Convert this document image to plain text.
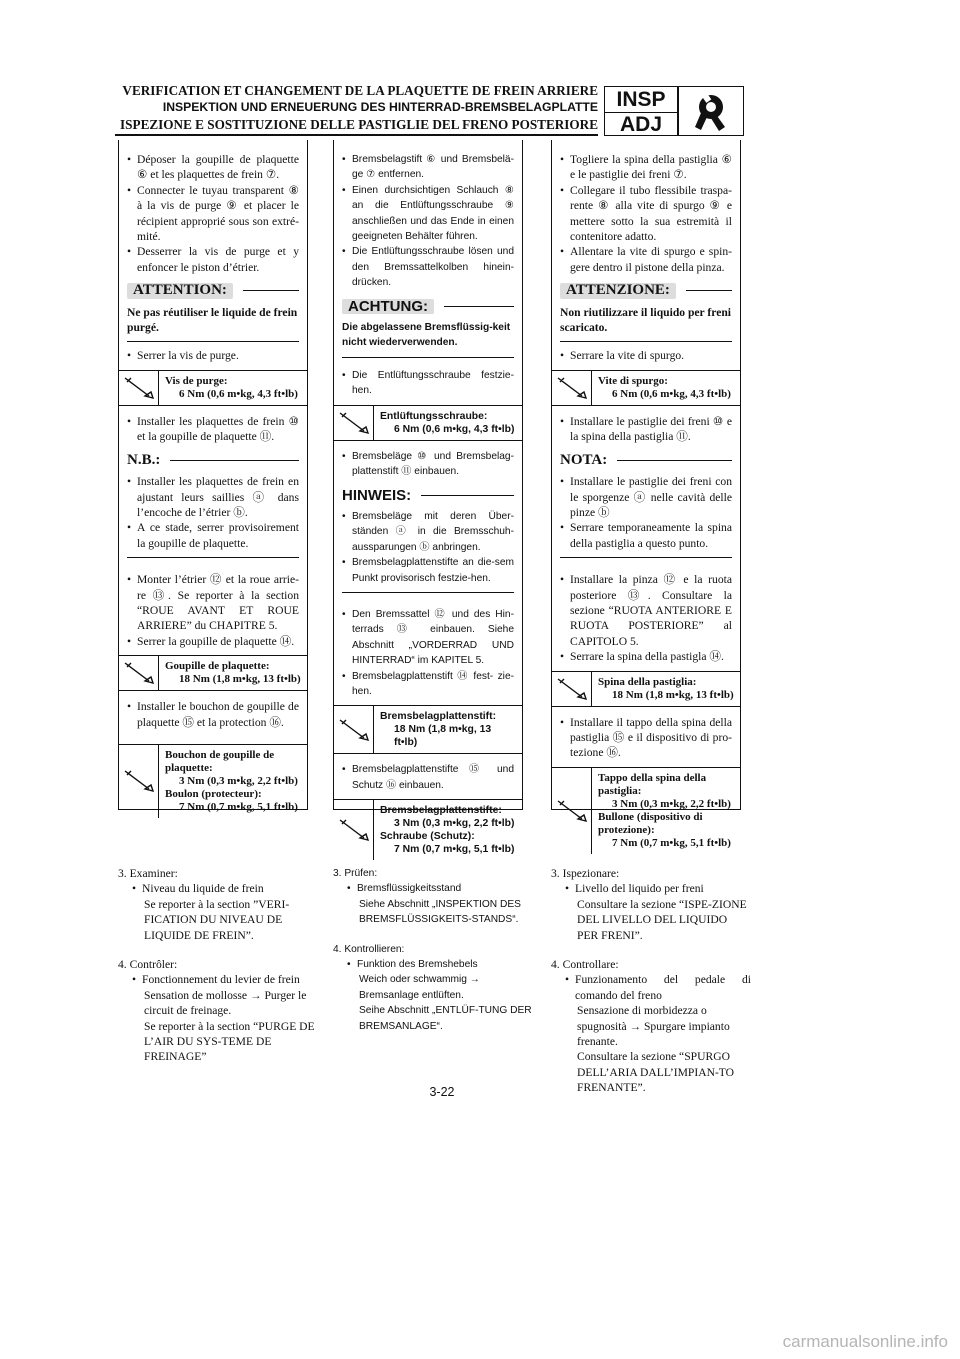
VERIFICATION ET CHANGEMENT DE LA PLAQUETTE DE FREIN ARRIERE
INSPEKTION UND ERNEUERUNG DES HINTERRAD-BREMSBELAGPLATTE
ISPEZIONE E SOSTITUZIONE DELLE PASTIGLIE DEL FRENO POSTERIORE
INSP
ADJ
• Déposer la goupille de plaquette ⑥ et les plaquettes de frein ⑦.
• Connecter le tuyau transparent ⑧ à la vis de purge ⑨ et placer le récipient approprié sous son extré-mité.
• Desserrer la vis de purge et y enfoncer le piston d’étrier.
ATTENTION:
Ne pas réutiliser le liquide de frein purgé.
• Serrer la vis de purge.
Vis de purge:
6 Nm (0,6 m•kg, 4,3 ft•lb)
• Installer les plaquettes de frein ⑩ et la goupille de plaquette ⑪.
N.B.:
• Installer les plaquettes de frein en ajustant leurs saillies ⓐ dans l’encoche de l’étrier ⓑ.
• A ce stade, serrer provisoirement la goupille de plaquette.
• Monter l’étrier ⑫ et la roue arrie-re ⑬. Se reporter à la section “ROUE AVANT ET ROUE ARRIERE” du CHAPITRE 5.
• Serrer la goupille de plaquette ⑭.
Goupille de plaquette:
18 Nm (1,8 m•kg, 13 ft•lb)
• Installer le bouchon de goupille de plaquette ⑮ et la protection ⑯.
Bouchon de goupille de plaquette:
3 Nm (0,3 m•kg, 2,2 ft•lb)
Boulon (protecteur):
7 Nm (0,7 m•kg, 5,1 ft•lb)
• Bremsbelagstift ⑥ und Bremsbelä-ge ⑦ entfernen.
• Einen durchsichtigen Schlauch ⑧ an die Entlüftungsschraube ⑨ anschließen und das Ende in einen geeigneten Behälter führen.
• Die Entlüftungsschraube lösen und den Bremssattelkolben hinein-drücken.
ACHTUNG:
Die abgelassene Bremsflüssig-keit nicht wiederverwenden.
• Die Entlüftungsschraube festzie-hen.
Entlüftungsschraube:
6 Nm (0,6 m•kg, 4,3 ft•lb)
• Bremsbeläge ⑩ und Bremsbelag-plattenstift ⑪ einbauen.
HINWEIS:
• Bremsbeläge mit deren Über-ständen ⓐ in die Bremsschuh-aussparungen ⓑ anbringen.
• Bremsbelagplattenstifte an die-sem Punkt provisorisch festzie-hen.
• Den Bremssattel ⑫ und des Hin-terrads ⑬ einbauen. Siehe Abschnitt „VORDERRAD UND HINTERRAD“ im KAPITEL 5.
• Bremsbelagplattenstift ⑭ fest- zie-hen.
Bremsbelagplattenstift:
18 Nm (1,8 m•kg, 13 ft•lb)
• Bremsbelagplattenstifte ⑮ und Schutz ⑯ einbauen.
Bremsbelagplattenstifte:
3 Nm (0,3 m•kg, 2,2 ft•lb)
Schraube (Schutz):
7 Nm (0,7 m•kg, 5,1 ft•lb)
• Togliere la spina della pastiglia ⑥ e le pastiglie dei freni ⑦.
• Collegare il tubo flessibile traspa-rente ⑧ alla vite di spurgo ⑨ e mettere sotto la sua estremità il contenitore adatto.
• Allentare la vite di spurgo e spin-gere dentro il pistone della pinza.
ATTENZIONE:
Non riutilizzare il liquido per freni scaricato.
• Serrare la vite di spurgo.
Vite di spurgo:
6 Nm (0,6 m•kg, 4,3 ft•lb)
• Installare le pastiglie dei freni ⑩ e la spina della pastiglia ⑪.
NOTA:
• Installare le pastiglie dei freni con le sporgenze ⓐ nelle cavità delle pinze ⓑ
• Serrare temporaneamente la spina della pastiglia a questo punto.
• Installare la pinza ⑫ e la ruota posteriore ⑬. Consultare la sezione “RUOTA ANTERIORE E RUOTA POSTERIORE” al CAPITOLO 5.
• Serrare la spina della pastigla ⑭.
Spina della pastiglia:
18 Nm (1,8 m•kg, 13 ft•lb)
• Installare il tappo della spina della pastiglia ⑮ e il dispositivo di pro-tezione ⑯.
Tappo della spina della pastiglia:
3 Nm (0,3 m•kg, 2,2 ft•lb)
Bullone (dispositivo di protezione):
7 Nm (0,7 m•kg, 5,1 ft•lb)
3. Examiner:
• Niveau du liquide de frein
Se reporter à la section ”VERI-FICATION DU NIVEAU DE LIQUIDE DE FREIN”.
4. Contrôler:
• Fonctionnement du levier de frein
Sensation de mollosse → Purger le circuit de freinage.
Se reporter à la section “PURGE DE L’AIR DU SYS-TEME DE FREINAGE”
3. Prüfen:
• Bremsflüssigkeitsstand
Siehe Abschnitt „INSPEKTION DES BREMSFLÜSSIGKEITS-STANDS“.
4. Kontrollieren:
• Funktion des Bremshebels
Weich oder schwammig → Bremsanlage entlüften.
Seihe Abschnitt „ENTLÜF-TUNG DER BREMSANLAGE“.
3. Ispezionare:
• Livello del liquido per freni
Consultare la sezione “ISPE-ZIONE DEL LIVELLO DEL LIQUIDO PER FRENI”.
4. Controllare:
• Funzionamento del pedale di comando del freno
Sensazione di morbidezza o spugnosità → Spurgare impianto frenante.
Consultare la sezione “SPURGO DELL’ARIA DALL’IMPIAN-TO FRENANTE”.
3-22
carmanualsonline.info
